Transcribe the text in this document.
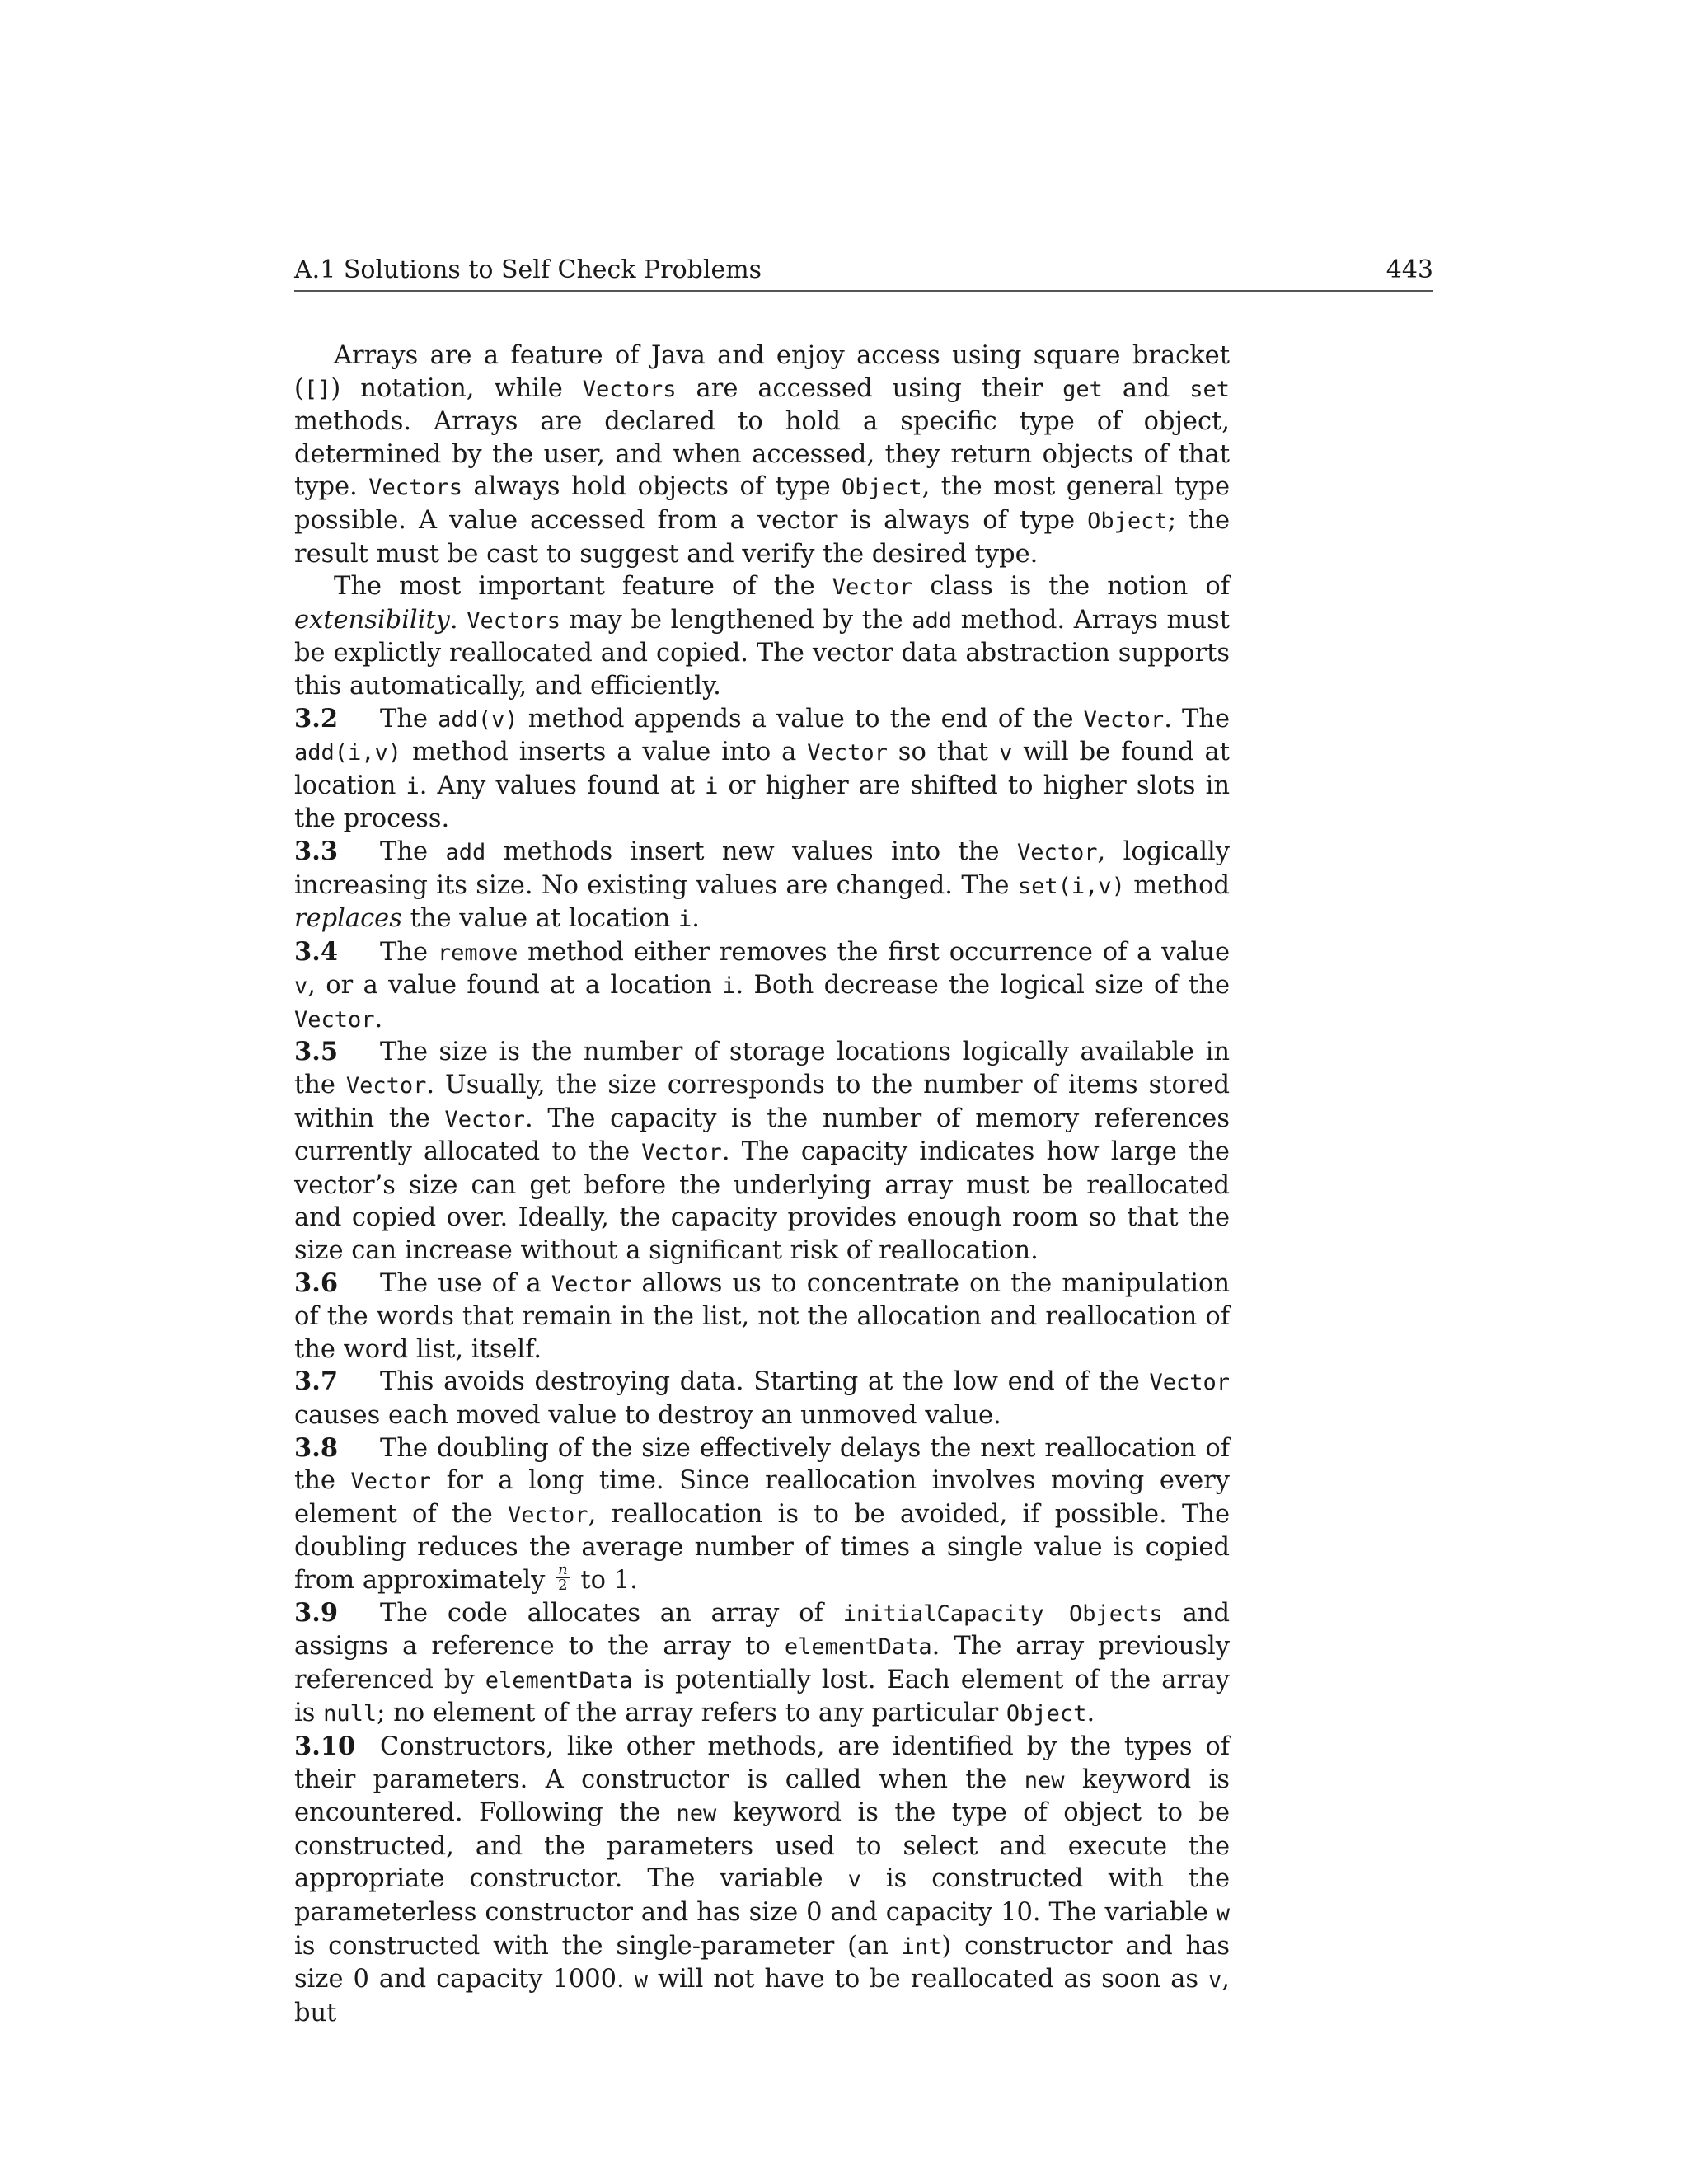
A.1 Solutions to Self Check Problems	443

Arrays are a feature of Java and enjoy access using square bracket ([]) notation, while Vectors are accessed using their get and set methods. Arrays are declared to hold a specific type of object, determined by the user, and when accessed, they return objects of that type. Vectors always hold objects of type Object, the most general type possible. A value accessed from a vector is always of type Object; the result must be cast to suggest and verify the desired type.

The most important feature of the Vector class is the notion of extensibility. Vectors may be lengthened by the add method. Arrays must be explictly reallocated and copied. The vector data abstraction supports this automatically, and efficiently.

3.2 The add(v) method appends a value to the end of the Vector. The add(i,v) method inserts a value into a Vector so that v will be found at location i. Any values found at i or higher are shifted to higher slots in the process.

3.3 The add methods insert new values into the Vector, logically increasing its size. No existing values are changed. The set(i,v) method replaces the value at location i.

3.4 The remove method either removes the first occurrence of a value v, or a value found at a location i. Both decrease the logical size of the Vector.

3.5 The size is the number of storage locations logically available in the Vector. Usually, the size corresponds to the number of items stored within the Vector. The capacity is the number of memory references currently allocated to the Vector. The capacity indicates how large the vector’s size can get before the underlying array must be reallocated and copied over. Ideally, the capacity provides enough room so that the size can increase without a significant risk of reallocation.

3.6 The use of a Vector allows us to concentrate on the manipulation of the words that remain in the list, not the allocation and reallocation of the word list, itself.

3.7 This avoids destroying data. Starting at the low end of the Vector causes each moved value to destroy an unmoved value.

3.8 The doubling of the size effectively delays the next reallocation of the Vector for a long time. Since reallocation involves moving every element of the Vector, reallocation is to be avoided, if possible. The doubling reduces the average number of times a single value is copied from approximately $\frac{n}{2}$ to 1.

3.9 The code allocates an array of initialCapacity Objects and assigns a reference to the array to elementData. The array previously referenced by elementData is potentially lost. Each element of the array is null; no element of the array refers to any particular Object.

3.10 Constructors, like other methods, are identified by the types of their parameters. A constructor is called when the new keyword is encountered. Following the new keyword is the type of object to be constructed, and the parameters used to select and execute the appropriate constructor. The variable v is constructed with the parameterless constructor and has size 0 and capacity 10. The variable w is constructed with the single-parameter (an int) constructor and has size 0 and capacity 1000. w will not have to be reallocated as soon as v, but
